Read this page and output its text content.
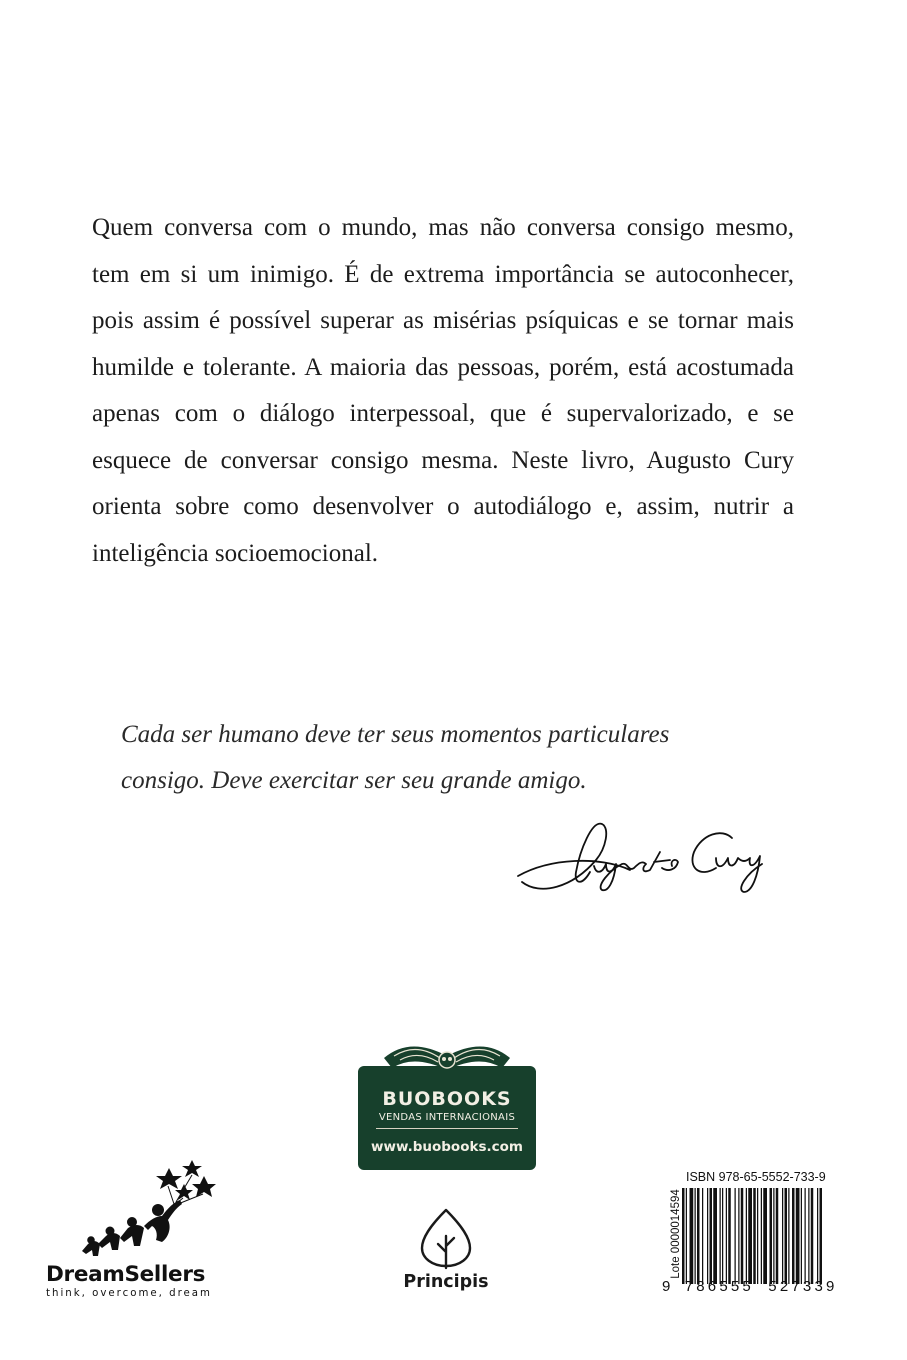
Quem conversa com o mundo, mas não conversa consigo mesmo, tem em si um inimigo. É de extrema importância se autoconhecer, pois assim é possível superar as misérias psíquicas e se tornar mais humilde e tolerante. A maioria das pessoas, porém, está acostumada apenas com o diálogo interpessoal, que é supervalorizado, e se esquece de conversar consigo mesma. Neste livro, Augusto Cury orienta sobre como desenvolver o autodiálogo e, assim, nutrir a inteligência socioemocional.

Cada ser humano deve ter seus momentos particulares
consigo. Deve exercitar ser seu grande amigo.
BUOBOOKS
VENDAS INTERNACIONAIS
www.buobooks.com
DreamSellers
think, overcome, dream
Principis
ISBN 978-65-5552-733-9
Lote 0000014594
9 786555 527339
